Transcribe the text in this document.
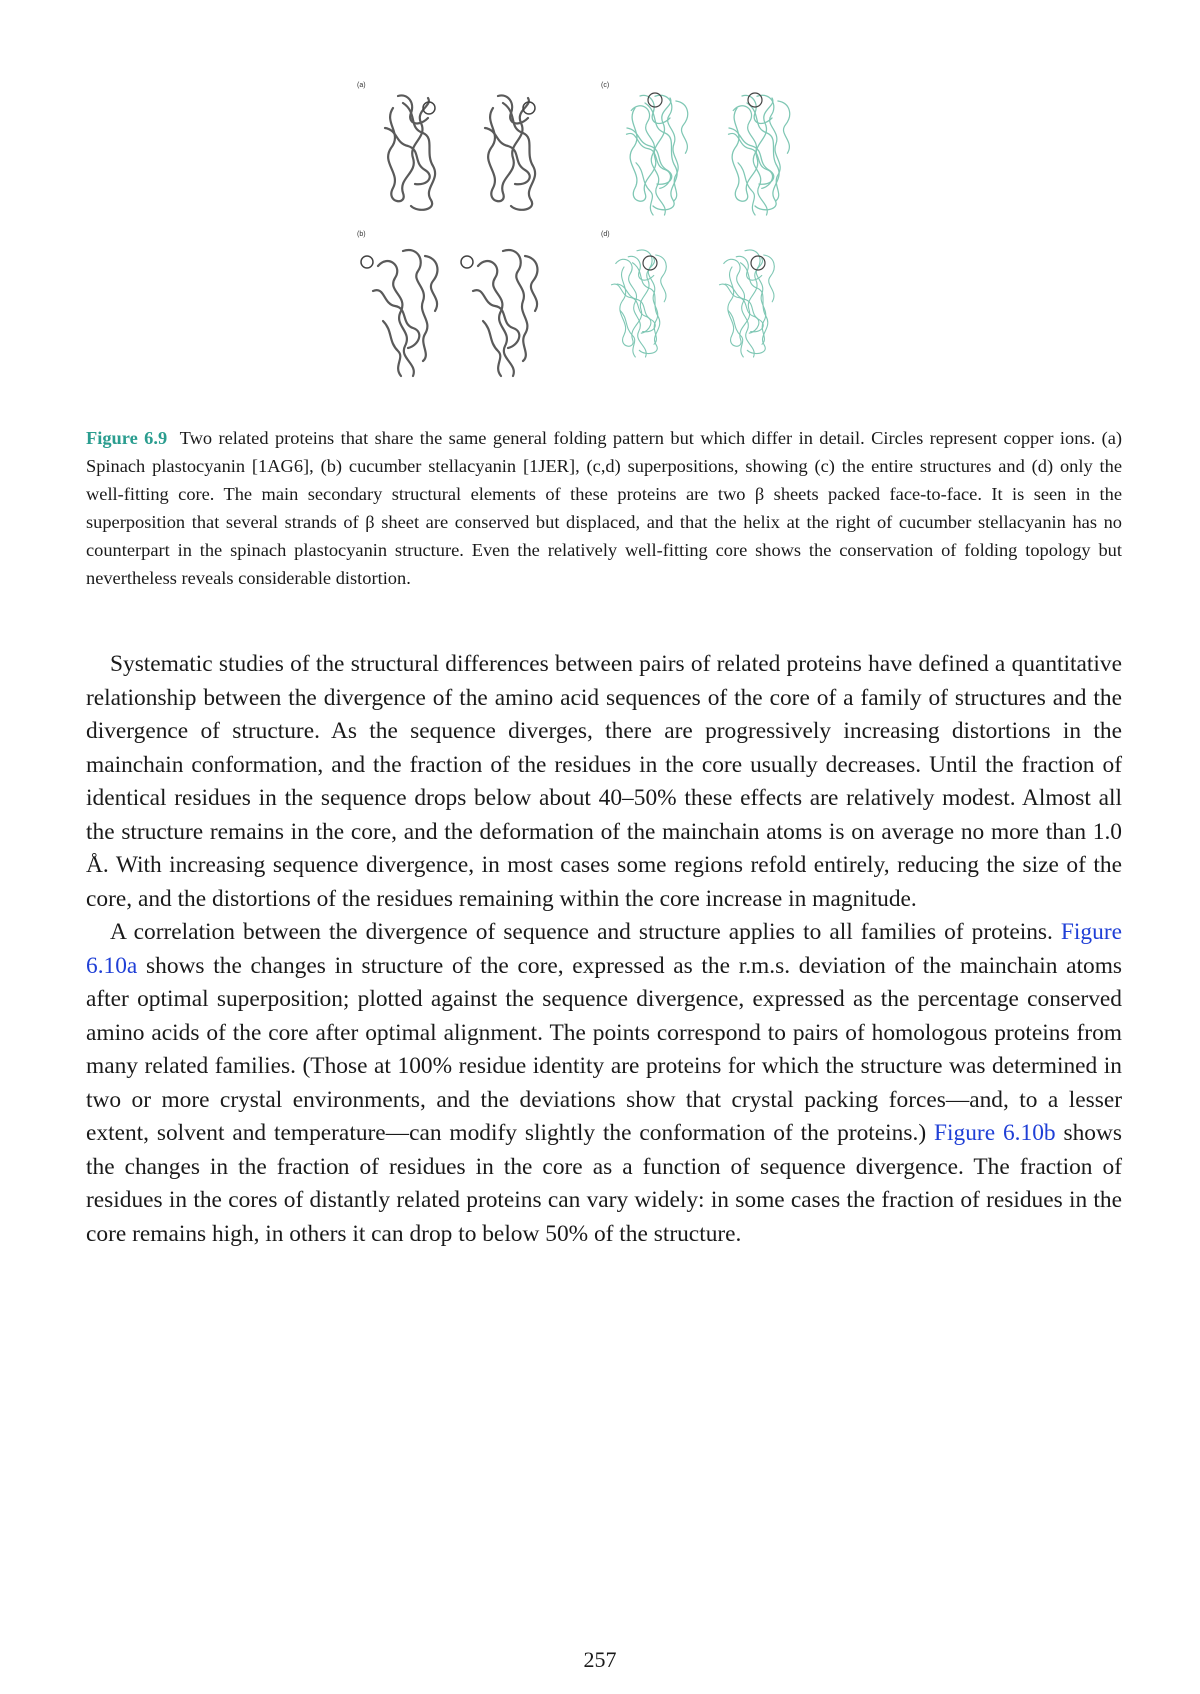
(a)
(b)
(c)
(d)
Figure 6.9 Two related proteins that share the same general folding pattern but which differ in detail. Circles represent copper ions. (a) Spinach plastocyanin [1AG6], (b) cucumber stellacyanin [1JER], (c,d) superpositions, showing (c) the entire structures and (d) only the well-fitting core. The main secondary structural elements of these proteins are two β sheets packed face-to-face. It is seen in the superposition that several strands of β sheet are conserved but displaced, and that the helix at the right of cucumber stellacyanin has no counterpart in the spinach plastocyanin structure. Even the relatively well-fitting core shows the conservation of folding topology but nevertheless reveals considerable distortion.

Systematic studies of the structural differences between pairs of related proteins have defined a quantitative relationship between the divergence of the amino acid sequences of the core of a family of structures and the divergence of structure. As the sequence diverges, there are progressively increasing distortions in the mainchain conformation, and the fraction of the residues in the core usually decreases. Until the fraction of identical residues in the sequence drops below about 40–50% these effects are relatively modest. Almost all the structure remains in the core, and the deformation of the mainchain atoms is on average no more than 1.0 Å. With increasing sequence divergence, in most cases some regions refold entirely, reducing the size of the core, and the distortions of the residues remaining within the core increase in magnitude.

A correlation between the divergence of sequence and structure applies to all families of proteins. Figure 6.10a shows the changes in structure of the core, expressed as the r.m.s. deviation of the mainchain atoms after optimal superposition; plotted against the sequence divergence, expressed as the percentage conserved amino acids of the core after optimal alignment. The points correspond to pairs of homologous proteins from many related families. (Those at 100% residue identity are proteins for which the structure was determined in two or more crystal environments, and the deviations show that crystal packing forces—and, to a lesser extent, solvent and temperature—can modify slightly the conformation of the proteins.) Figure 6.10b shows the changes in the fraction of residues in the core as a function of sequence divergence. The fraction of residues in the cores of distantly related proteins can vary widely: in some cases the fraction of residues in the core remains high, in others it can drop to below 50% of the structure.

257
